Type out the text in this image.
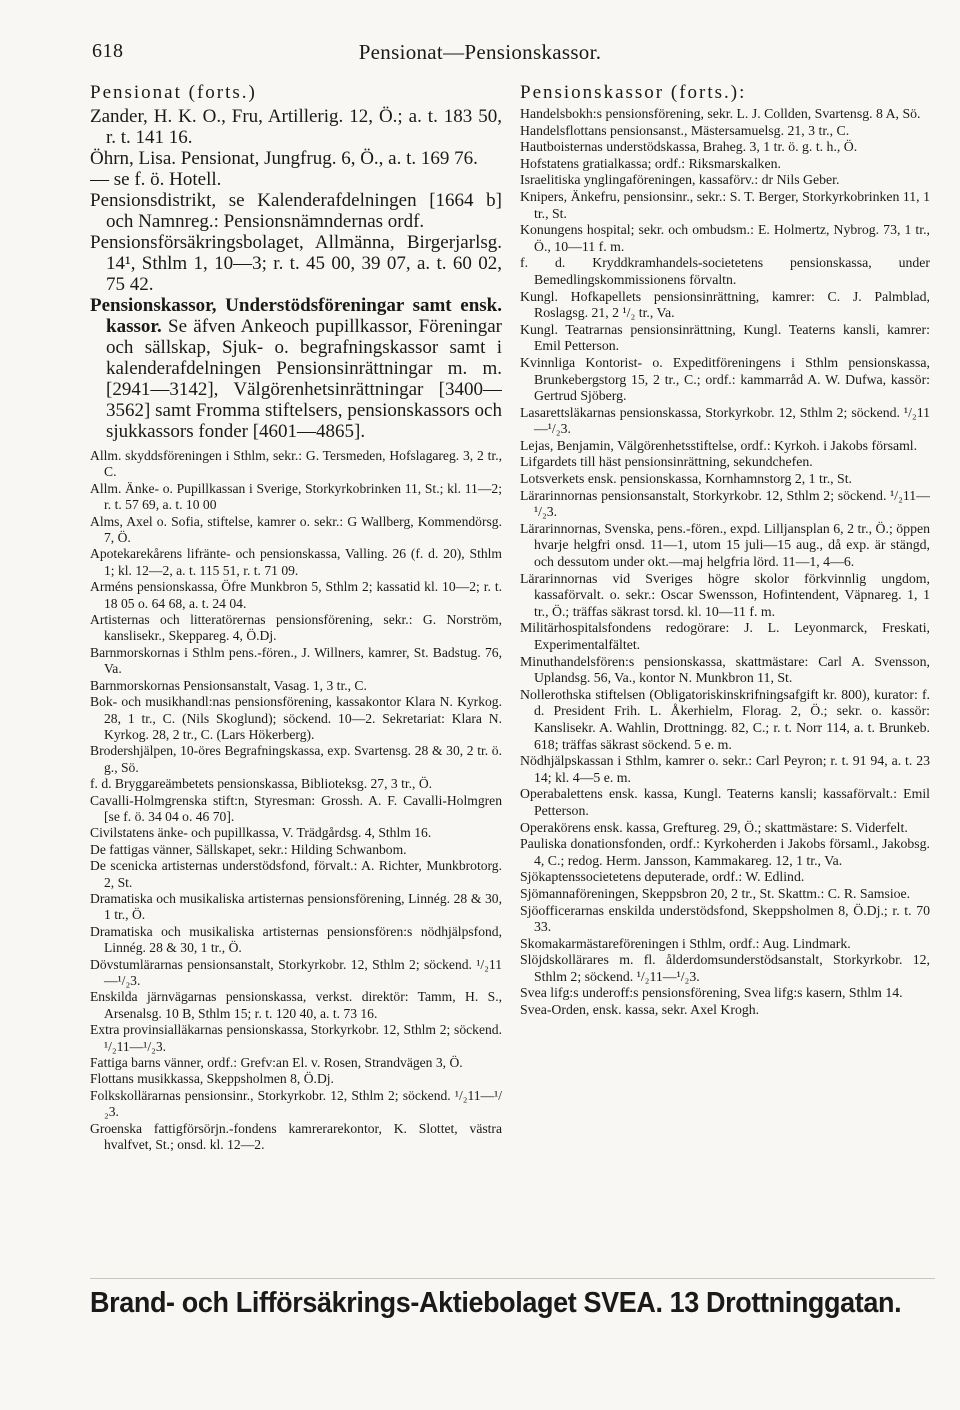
618	Pensionat—Pensionskassor.
Pensionat (forts.)

Zander, H. K. O., Fru, Artillerig. 12, Ö.; a. t. 183 50, r. t. 141 16.

Öhrn, Lisa. Pensionat, Jungfrug. 6, Ö., a. t. 169 76.

— se f. ö. Hotell.

Pensionsdistrikt, se Kalenderafdelningen [1664 b] och Namnreg.: Pensionsnämndernas ordf.

Pensionsförsäkringsbolaget, Allmänna, Birgerjarlsg. 14¹, Sthlm 1, 10—3; r. t. 45 00, 39 07, a. t. 60 02, 75 42.

Pensionskassor, Understödsföreningar samt ensk. kassor. Se äfven Ankeoch pupillkassor, Föreningar och sällskap, Sjuk- o. begrafningskassor samt i kalenderafdelningen Pensionsinrättningar m. m. [2941—3142], Välgörenhetsinrättningar [3400—3562] samt Fromma stiftelsers, pensionskassors och sjukkassors fonder [4601—4865].

Allm. skyddsföreningen i Sthlm, sekr.: G. Tersmeden, Hofslagareg. 3, 2 tr., C.

Allm. Änke- o. Pupillkassan i Sverige, Storkyrkobrinken 11, St.; kl. 11—2; r. t. 57 69, a. t. 10 00

Alms, Axel o. Sofia, stiftelse, kamrer o. sekr.: G Wallberg, Kommendörsg. 7, Ö.

Apotekarekårens lifränte- och pensionskassa, Valling. 26 (f. d. 20), Sthlm 1; kl. 12—2, a. t. 115 51, r. t. 71 09.

Arméns pensionskassa, Öfre Munkbron 5, Sthlm 2; kassatid kl. 10—2; r. t. 18 05 o. 64 68, a. t. 24 04.

Artisternas och litteratörernas pensionsförening, sekr.: G. Norström, kanslisekr., Skeppareg. 4, Ö.Dj.

Barnmorskornas i Sthlm pens.-fören., J. Willners, kamrer, St. Badstug. 76, Va.

Barnmorskornas Pensionsanstalt, Vasag. 1, 3 tr., C.

Bok- och musikhandl:nas pensionsförening, kassakontor Klara N. Kyrkog. 28, 1 tr., C. (Nils Skoglund); söckend. 10—2. Sekretariat: Klara N. Kyrkog. 28, 2 tr., C. (Lars Hökerberg).

Brodershjälpen, 10-öres Begrafningskassa, exp. Svartensg. 28 & 30, 2 tr. ö. g., Sö.

f. d. Bryggareämbetets pensionskassa, Biblioteksg. 27, 3 tr., Ö.

Cavalli-Holmgrenska stift:n, Styresman: Grossh. A. F. Cavalli-Holmgren [se f. ö. 34 04 o. 46 70].

Civilstatens änke- och pupillkassa, V. Trädgårdsg. 4, Sthlm 16.

De fattigas vänner, Sällskapet, sekr.: Hilding Schwanbom.

De scenicka artisternas understödsfond, förvalt.: A. Richter, Munkbrotorg. 2, St.

Dramatiska och musikaliska artisternas pensionsförening, Linnég. 28 & 30, 1 tr., Ö.

Dramatiska och musikaliska artisternas pensionsfören:s nödhjälpsfond, Linnég. 28 & 30, 1 tr., Ö.

Dövstumlärarnas pensionsanstalt, Storkyrkobr. 12, Sthlm 2; söckend. ¹/₂11—¹/₂3.

Enskilda järnvägarnas pensionskassa, verkst. direktör: Tamm, H. S., Arsenalsg. 10 B, Sthlm 15; r. t. 120 40, a. t. 73 16.

Extra provinsialläkarnas pensionskassa, Storkyrkobr. 12, Sthlm 2; söckend. ¹/₂11—¹/₂3.

Fattiga barns vänner, ordf.: Grefv:an El. v. Rosen, Strandvägen 3, Ö.

Flottans musikkassa, Skeppsholmen 8, Ö.Dj.

Folkskollärarnas pensionsinr., Storkyrkobr. 12, Sthlm 2; söckend. ¹/₂11—¹/₂3.

Groenska fattigförsörjn.-fondens kamrerarekontor, K. Slottet, västra hvalfvet, St.; onsd. kl. 12—2.

Pensionskassor (forts.):

Handelsbokh:s pensionsförening, sekr. L. J. Collden, Svartensg. 8 A, Sö.

Handelsflottans pensionsanst., Mästersamuelsg. 21, 3 tr., C.

Hautboisternas understödskassa, Braheg. 3, 1 tr. ö. g. t. h., Ö.

Hofstatens gratialkassa; ordf.: Riksmarskalken.

Israelitiska ynglingaföreningen, kassaförv.: dr Nils Geber.

Knipers, Änkefru, pensionsinr., sekr.: S. T. Berger, Storkyrkobrinken 11, 1 tr., St.

Konungens hospital; sekr. och ombudsm.: E. Holmertz, Nybrog. 73, 1 tr., Ö., 10—11 f. m.

f. d. Kryddkramhandels-societetens pensionskassa, under Bemedlingskommissionens förvaltn.

Kungl. Hofkapellets pensionsinrättning, kamrer: C. J. Palmblad, Roslagsg. 21, 2 ¹/₂ tr., Va.

Kungl. Teatrarnas pensionsinrättning, Kungl. Teaterns kansli, kamrer: Emil Petterson.

Kvinnliga Kontorist- o. Expeditföreningens i Sthlm pensionskassa, Brunkebergstorg 15, 2 tr., C.; ordf.: kammarråd A. W. Dufwa, kassör: Gertrud Sjöberg.

Lasarettsläkarnas pensionskassa, Storkyrkobr. 12, Sthlm 2; söckend. ¹/₂11—¹/₂3.

Lejas, Benjamin, Välgörenhetsstiftelse, ordf.: Kyrkoh. i Jakobs församl.

Lifgardets till häst pensionsinrättning, sekundchefen.

Lotsverkets ensk. pensionskassa, Kornhamnstorg 2, 1 tr., St.

Lärarinnornas pensionsanstalt, Storkyrkobr. 12, Sthlm 2; söckend. ¹/₂11—¹/₂3.

Lärarinnornas, Svenska, pens.-fören., expd. Lilljansplan 6, 2 tr., Ö.; öppen hvarje helgfri onsd. 11—1, utom 15 juli—15 aug., då exp. är stängd, och dessutom under okt.—maj helgfria lörd. 11—1, 4—6.

Lärarinnornas vid Sveriges högre skolor förkvinnlig ungdom, kassaförvalt. o. sekr.: Oscar Swensson, Hofintendent, Väpnareg. 1, 1 tr., Ö.; träffas säkrast torsd. kl. 10—11 f. m.

Militärhospitalsfondens redogörare: J. L. Leyonmarck, Freskati, Experimentalfältet.

Minuthandelsfören:s pensionskassa, skattmästare: Carl A. Svensson, Uplandsg. 56, Va., kontor N. Munkbron 11, St.

Nollerothska stiftelsen (Obligatoriskinskrifningsafgift kr. 800), kurator: f. d. President Frih. L. Åkerhielm, Florag. 2, Ö.; sekr. o. kassör: Kanslisekr. A. Wahlin, Drottningg. 82, C.; r. t. Norr 114, a. t. Brunkeb. 618; träffas säkrast söckend. 5 e. m.

Nödhjälpskassan i Sthlm, kamrer o. sekr.: Carl Peyron; r. t. 91 94, a. t. 23 14; kl. 4—5 e. m.

Operabalettens ensk. kassa, Kungl. Teaterns kansli; kassaförvalt.: Emil Petterson.

Operakörens ensk. kassa, Greftureg. 29, Ö.; skattmästare: S. Viderfelt.

Pauliska donationsfonden, ordf.: Kyrkoherden i Jakobs församl., Jakobsg. 4, C.; redog. Herm. Jansson, Kammakareg. 12, 1 tr., Va.

Sjökaptenssocietetens deputerade, ordf.: W. Edlind.

Sjömannaföreningen, Skeppsbron 20, 2 tr., St. Skattm.: C. R. Samsioe.

Sjöofficerarnas enskilda understödsfond, Skeppsholmen 8, Ö.Dj.; r. t. 70 33.

Skomakarmästareföreningen i Sthlm, ordf.: Aug. Lindmark.

Slöjdskollärares m. fl. ålderdomsunderstödsanstalt, Storkyrkobr. 12, Sthlm 2; söckend. ¹/₂11—¹/₂3.

Svea lifg:s underoff:s pensionsförening, Svea lifg:s kasern, Sthlm 14.

Svea-Orden, ensk. kassa, sekr. Axel Krogh.

Brand- och Lifförsäkrings-Aktiebolaget SVEA. 13 Drottninggatan.
